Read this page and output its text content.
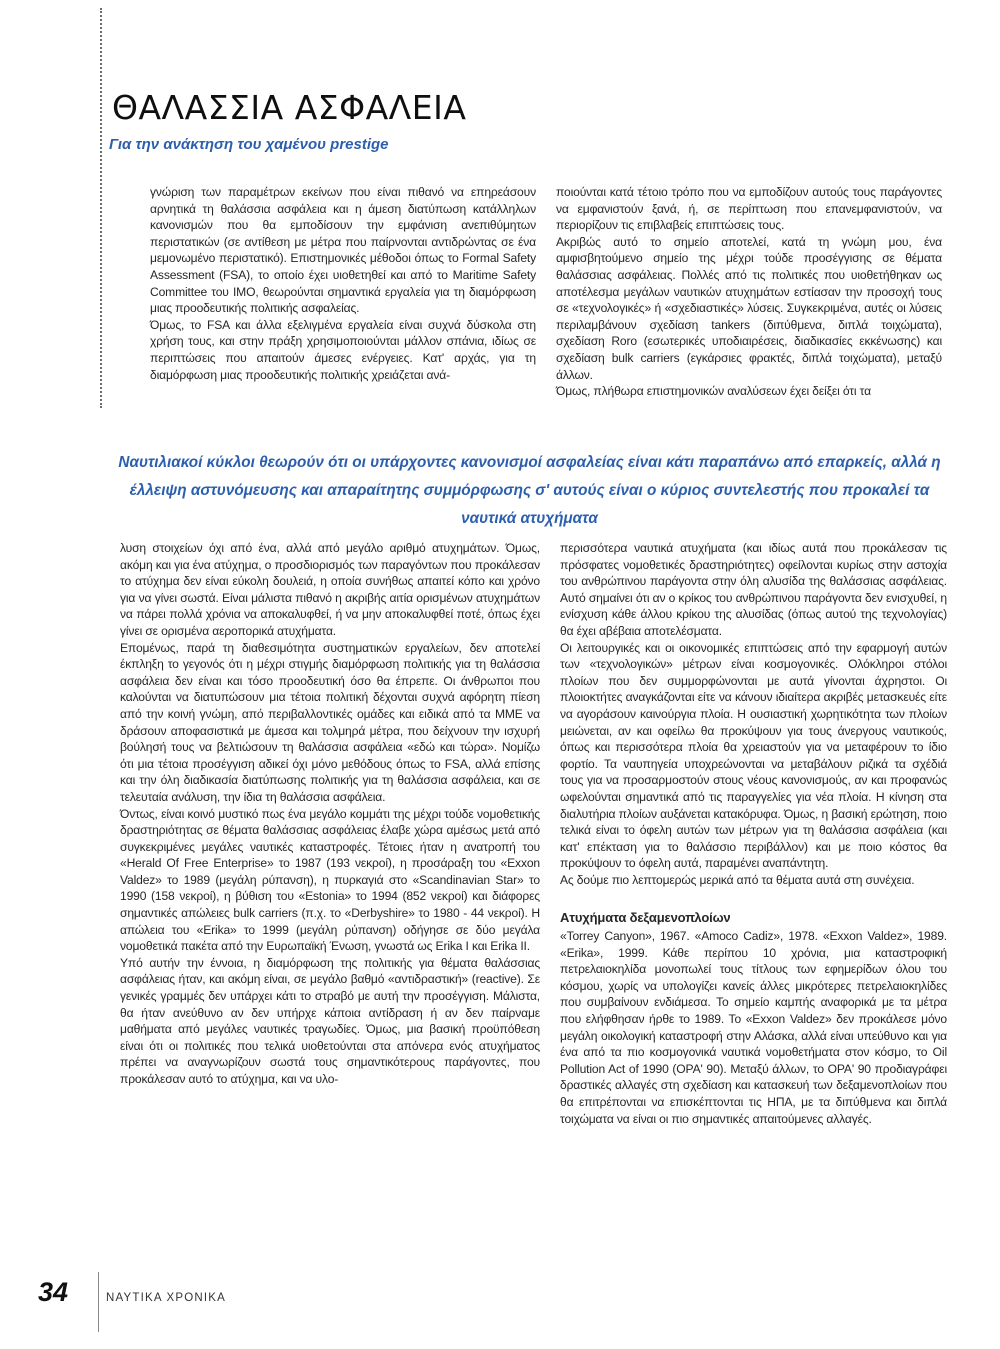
ΘΑΛΑΣΣΙΑ ΑΣΦΑΛΕΙΑ

Για την ανάκτηση του χαμένου prestige

γνώριση των παραμέτρων εκείνων που είναι πιθανό να επηρεάσουν αρνητικά τη θαλάσσια ασφάλεια και η άμεση διατύπωση κατάλληλων κανονισμών που θα εμποδίσουν την εμφάνιση ανεπιθύμητων περιστατικών (σε αντίθεση με μέτρα που παίρνονται αντιδρώντας σε ένα μεμονωμένο περιστατικό). Επιστημονικές μέθοδοι όπως το Formal Safety Assessment (FSA), το οποίο έχει υιοθετηθεί και από το Maritime Safety Committee του IMO, θεωρούνται σημαντικά εργαλεία για τη διαμόρφωση μιας προοδευτικής πολιτικής ασφαλείας.

Όμως, το FSA και άλλα εξελιγμένα εργαλεία είναι συχνά δύσκολα στη χρήση τους, και στην πράξη χρησιμοποιούνται μάλλον σπάνια, ιδίως σε περιπτώσεις που απαιτούν άμεσες ενέργειες. Κατ' αρχάς, για τη διαμόρφωση μιας προοδευτικής πολιτικής χρειάζεται ανά-

ποιούνται κατά τέτοιο τρόπο που να εμποδίζουν αυτούς τους παράγοντες να εμφανιστούν ξανά, ή, σε περίπτωση που επανεμφανιστούν, να περιορίζουν τις επιβλαβείς επιπτώσεις τους.

Ακριβώς αυτό το σημείο αποτελεί, κατά τη γνώμη μου, ένα αμφισβητούμενο σημείο της μέχρι τούδε προσέγγισης σε θέματα θαλάσσιας ασφάλειας. Πολλές από τις πολιτικές που υιοθετήθηκαν ως αποτέλεσμα μεγάλων ναυτικών ατυχημάτων εστίασαν την προσοχή τους σε «τεχνολογικές» ή «σχεδιαστικές» λύσεις. Συγκεκριμένα, αυτές οι λύσεις περιλαμβάνουν σχεδίαση tankers (διπύθμενα, διπλά τοιχώματα), σχεδίαση Roro (εσωτερικές υποδιαιρέσεις, διαδικασίες εκκένωσης) και σχεδίαση bulk carriers (εγκάρσιες φρακτές, διπλά τοιχώματα), μεταξύ άλλων.

Όμως, πλήθωρα επιστημονικών αναλύσεων έχει δείξει ότι τα

Ναυτιλιακοί κύκλοι θεωρούν ότι οι υπάρχοντες κανονισμοί ασφαλείας είναι κάτι παραπάνω από επαρκείς, αλλά η έλλειψη αστυνόμευσης και απαραίτητης συμμόρφωσης σ' αυτούς είναι ο κύριος συντελεστής που προκαλεί τα ναυτικά ατυχήματα

λυση στοιχείων όχι από ένα, αλλά από μεγάλο αριθμό ατυχημάτων. Όμως, ακόμη και για ένα ατύχημα, ο προσδιορισμός των παραγόντων που προκάλεσαν το ατύχημα δεν είναι εύκολη δουλειά, η οποία συνήθως απαιτεί κόπο και χρόνο για να γίνει σωστά. Είναι μάλιστα πιθανό η ακριβής αιτία ορισμένων ατυχημάτων να πάρει πολλά χρόνια να αποκαλυφθεί, ή να μην αποκαλυφθεί ποτέ, όπως έχει γίνει σε ορισμένα αεροπορικά ατυχήματα.

Επομένως, παρά τη διαθεσιμότητα συστηματικών εργαλείων, δεν αποτελεί έκπληξη το γεγονός ότι η μέχρι στιγμής διαμόρφωση πολιτικής για τη θαλάσσια ασφάλεια δεν είναι και τόσο προοδευτική όσο θα έπρεπε. Οι άνθρωποι που καλούνται να διατυπώσουν μια τέτοια πολιτική δέχονται συχνά αφόρητη πίεση από την κοινή γνώμη, από περιβαλλοντικές ομάδες και ειδικά από τα ΜΜΕ να δράσουν αποφασιστικά με άμεσα και τολμηρά μέτρα, που δείχνουν την ισχυρή βούλησή τους να βελτιώσουν τη θαλάσσια ασφάλεια «εδώ και τώρα». Νομίζω ότι μια τέτοια προσέγγιση αδικεί όχι μόνο μεθόδους όπως το FSA, αλλά επίσης και την όλη διαδικασία διατύπωσης πολιτικής για τη θαλάσσια ασφάλεια, και σε τελευταία ανάλυση, την ίδια τη θαλάσσια ασφάλεια.

Όντως, είναι κοινό μυστικό πως ένα μεγάλο κομμάτι της μέχρι τούδε νομοθετικής δραστηριότητας σε θέματα θαλάσσιας ασφάλειας έλαβε χώρα αμέσως μετά από συγκεκριμένες μεγάλες ναυτικές καταστροφές. Τέτοιες ήταν η ανατροπή του «Herald Of Free Enterprise» το 1987 (193 νεκροί), η προσάραξη του «Exxon Valdez» το 1989 (μεγάλη ρύπανση), η πυρκαγιά στο «Scandinavian Star» το 1990 (158 νεκροί), η βύθιση του «Estonia» το 1994 (852 νεκροί) και διάφορες σημαντικές απώλειες bulk carriers (π.χ. το «Derbyshire» το 1980 - 44 νεκροί). Η απώλεια του «Erika» το 1999 (μεγάλη ρύπανση) οδήγησε σε δύο μεγάλα νομοθετικά πακέτα από την Ευρωπαϊκή Ένωση, γνωστά ως Erika I και Erika II.

Υπό αυτήν την έννοια, η διαμόρφωση της πολιτικής για θέματα θαλάσσιας ασφάλειας ήταν, και ακόμη είναι, σε μεγάλο βαθμό «αντιδραστική» (reactive). Σε γενικές γραμμές δεν υπάρχει κάτι το στραβό με αυτή την προσέγγιση. Μάλιστα, θα ήταν ανεύθυνο αν δεν υπήρχε κάποια αντίδραση ή αν δεν παίρναμε μαθήματα από μεγάλες ναυτικές τραγωδίες. Όμως, μια βασική προϋπόθεση είναι ότι οι πολιτικές που τελικά υιοθετούνται στα απόνερα ενός ατυχήματος πρέπει να αναγνωρίζουν σωστά τους σημαντικότερους παράγοντες, που προκάλεσαν αυτό το ατύχημα, και να υλο-

περισσότερα ναυτικά ατυχήματα (και ιδίως αυτά που προκάλεσαν τις πρόσφατες νομοθετικές δραστηριότητες) οφείλονται κυρίως στην αστοχία του ανθρώπινου παράγοντα στην όλη αλυσίδα της θαλάσσιας ασφάλειας. Αυτό σημαίνει ότι αν ο κρίκος του ανθρώπινου παράγοντα δεν ενισχυθεί, η ενίσχυση κάθε άλλου κρίκου της αλυσίδας (όπως αυτού της τεχνολογίας) θα έχει αβέβαια αποτελέσματα.

Οι λειτουργικές και οι οικονομικές επιπτώσεις από την εφαρμογή αυτών των «τεχνολογικών» μέτρων είναι κοσμογονικές. Ολόκληροι στόλοι πλοίων που δεν συμμορφώνονται με αυτά γίνονται άχρηστοι. Οι πλοιοκτήτες αναγκάζονται είτε να κάνουν ιδιαίτερα ακριβές μετασκευές είτε να αγοράσουν καινούργια πλοία. Η ουσιαστική χωρητικότητα των πλοίων μειώνεται, αν και οφείλω θα προκύψουν για τους άνεργους ναυτικούς, όπως και περισσότερα πλοία θα χρειαστούν για να μεταφέρουν το ίδιο φορτίο. Τα ναυπηγεία υποχρεώνονται να μεταβάλουν ριζικά τα σχέδιά τους για να προσαρμοστούν στους νέους κανονισμούς, αν και προφανώς ωφελούνται σημαντικά από τις παραγγελίες για νέα πλοία. Η κίνηση στα διαλυτήρια πλοίων αυξάνεται κατακόρυφα. Όμως, η βασική ερώτηση, ποιο τελικά είναι το όφελη αυτών των μέτρων για τη θαλάσσια ασφάλεια (και κατ' επέκταση για το θαλάσσιο περιβάλλον) και με ποιο κόστος θα προκύψουν το όφελη αυτά, παραμένει αναπάντητη.

Ας δούμε πιο λεπτομερώς μερικά από τα θέματα αυτά στη συνέχεια.

Ατυχήματα δεξαμενοπλοίων

«Torrey Canyon», 1967. «Amoco Cadiz», 1978. «Exxon Valdez», 1989. «Erika», 1999. Κάθε περίπου 10 χρόνια, μια καταστροφική πετρελαιοκηλίδα μονοπωλεί τους τίτλους των εφημερίδων όλου του κόσμου, χωρίς να υπολογίζει κανείς άλλες μικρότερες πετρελαιοκηλίδες που συμβαίνουν ενδιάμεσα. Το σημείο καμπής αναφορικά με τα μέτρα που ελήφθησαν ήρθε το 1989. Το «Exxon Valdez» δεν προκάλεσε μόνο μεγάλη οικολογική καταστροφή στην Αλάσκα, αλλά είναι υπεύθυνο και για ένα από τα πιο κοσμογονικά ναυτικά νομοθετήματα στον κόσμο, το Oil Pollution Act of 1990 (OPA' 90). Μεταξύ άλλων, το OPA' 90 προδιαγράφει δραστικές αλλαγές στη σχεδίαση και κατασκευή των δεξαμενοπλοίων που θα επιτρέπονται να επισκέπτονται τις ΗΠΑ, με τα διπύθμενα και διπλά τοιχώματα να είναι οι πιο σημαντικές απαιτούμενες αλλαγές.

34	ΝΑΥΤΙΚΑ ΧΡΟΝΙΚΑ
